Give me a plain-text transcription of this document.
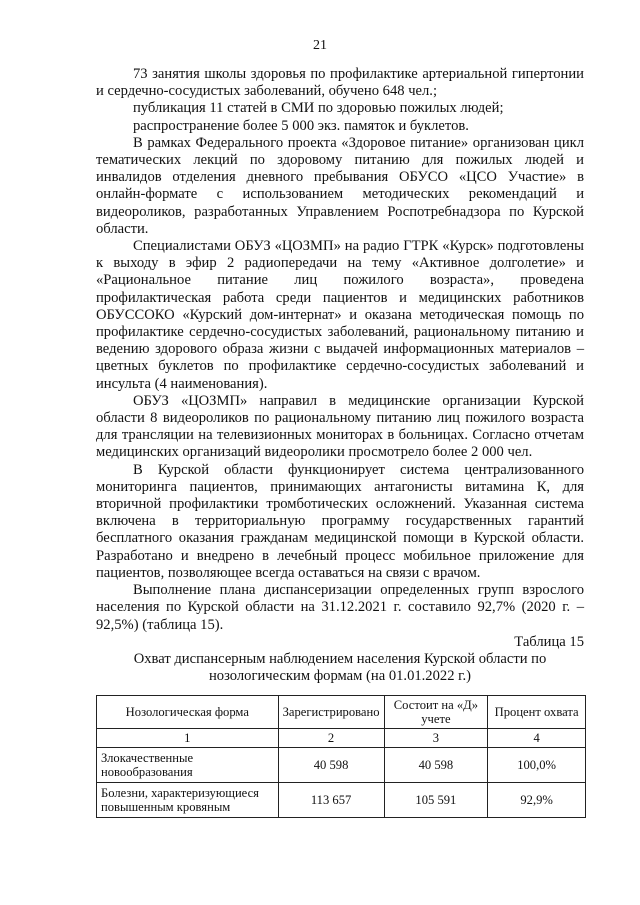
21

73 занятия школы здоровья по профилактике артериальной гипертонии и сердечно-сосудистых заболеваний, обучено 648 чел.;

публикация 11 статей в СМИ по здоровью пожилых людей;

распространение более 5 000 экз. памяток и буклетов.

В рамках Федерального проекта «Здоровое питание» организован цикл тематических лекций по здоровому питанию для пожилых людей и инвалидов отделения дневного пребывания ОБУСО «ЦСО Участие» в онлайн-формате с использованием методических рекомендаций и видеороликов, разработанных Управлением Роспотребнадзора по Курской области.

Специалистами ОБУЗ «ЦОЗМП» на радио ГТРК «Курск» подготовлены к выходу в эфир 2 радиопередачи на тему «Активное долголетие» и «Рациональное питание лиц пожилого возраста», проведена профилактическая работа среди пациентов и медицинских работников ОБУССОКО «Курский дом-интернат» и оказана методическая помощь по профилактике сердечно-сосудистых заболеваний, рациональному питанию и ведению здорового образа жизни с выдачей информационных материалов – цветных буклетов по профилактике сердечно-сосудистых заболеваний и инсульта (4 наименования).

ОБУЗ «ЦОЗМП» направил в медицинские организации Курской области 8 видеороликов по рациональному питанию лиц пожилого возраста для трансляции на телевизионных мониторах в больницах. Согласно отчетам медицинских организаций видеоролики просмотрело более 2 000 чел.

В Курской области функционирует система централизованного мониторинга пациентов, принимающих антагонисты витамина К, для вторичной профилактики тромботических осложнений. Указанная система включена в территориальную программу государственных гарантий бесплатного оказания гражданам медицинской помощи в Курской области. Разработано и внедрено в лечебный процесс мобильное приложение для пациентов, позволяющее всегда оставаться на связи с врачом.

Выполнение плана диспансеризации определенных групп взрослого населения по Курской области на 31.12.2021 г. составило 92,7% (2020 г. – 92,5%) (таблица 15).

Таблица 15

Охват диспансерным наблюдением населения Курской области по нозологическим формам (на 01.01.2022 г.)

Нозологическая форма	Зарегистрировано	Состоит на «Д» учете	Процент охвата
1	2	3	4
Злокачественные новообразования	40 598	40 598	100,0%
Болезни, характеризующиеся повышенным кровяным	113 657	105 591	92,9%
